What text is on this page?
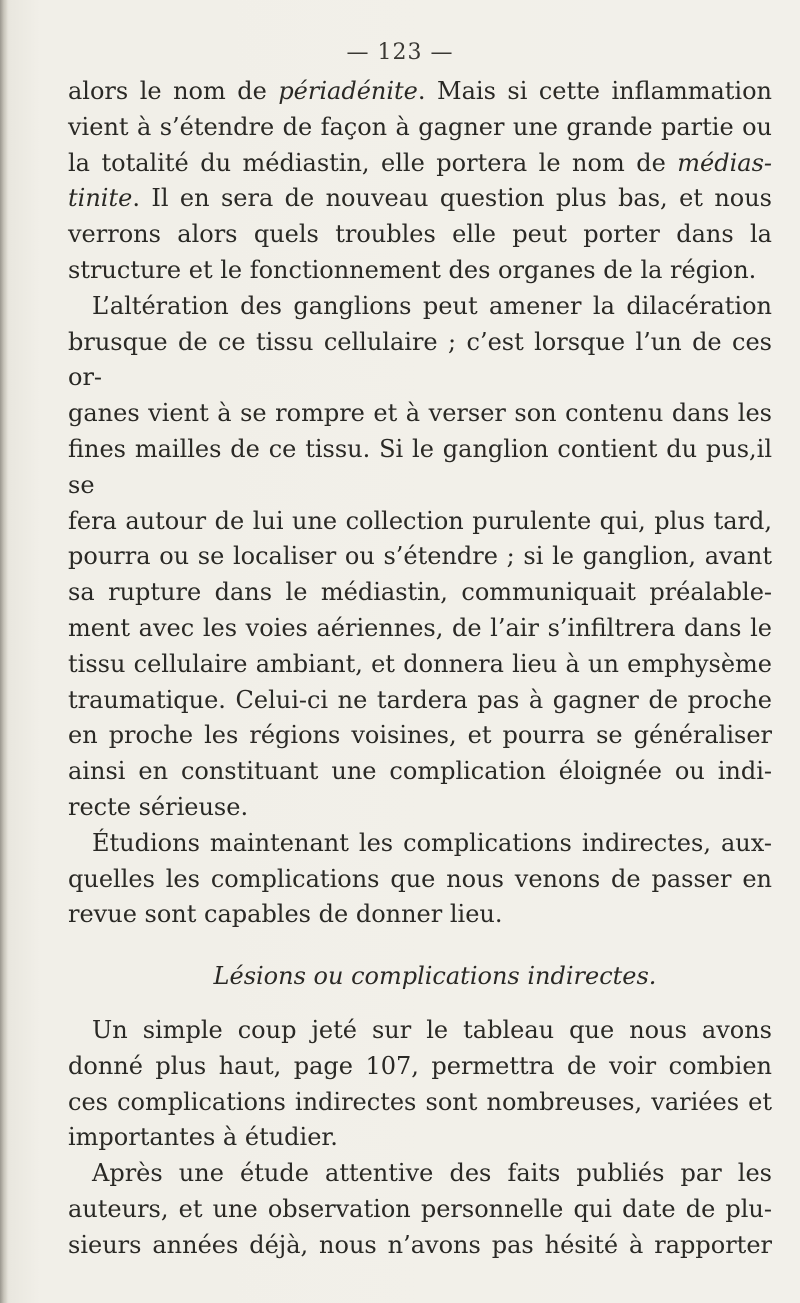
— 123 —

alors le nom de périadénite. Mais si cette inflammation

vient à s’étendre de façon à gagner une grande partie ou

la totalité du médiastin, elle portera le nom de médias-

tinite. Il en sera de nouveau question plus bas, et nous

verrons alors quels troubles elle peut porter dans la

structure et le fonctionnement des organes de la région.

L’altération des ganglions peut amener la dilacération

brusque de ce tissu cellulaire ; c’est lorsque l’un de ces or-

ganes vient à se rompre et à verser son contenu dans les

fines mailles de ce tissu. Si le ganglion contient du pus,il se

fera autour de lui une collection purulente qui, plus tard,

pourra ou se localiser ou s’étendre ; si le ganglion, avant

sa rupture dans le médiastin, communiquait préalable-

ment avec les voies aériennes, de l’air s’infiltrera dans le

tissu cellulaire ambiant, et donnera lieu à un emphysème

traumatique. Celui-ci ne tardera pas à gagner de proche

en proche les régions voisines, et pourra se généraliser

ainsi en constituant une complication éloignée ou indi-

recte sérieuse.

Étudions maintenant les complications indirectes, aux-

quelles les complications que nous venons de passer en

revue sont capables de donner lieu.

Lésions ou complications indirectes.

Un simple coup jeté sur le tableau que nous avons

donné plus haut, page 107, permettra de voir combien

ces complications indirectes sont nombreuses, variées et

importantes à étudier.

Après une étude attentive des faits publiés par les

auteurs, et une observation personnelle qui date de plu-

sieurs années déjà, nous n’avons pas hésité à rapporter
